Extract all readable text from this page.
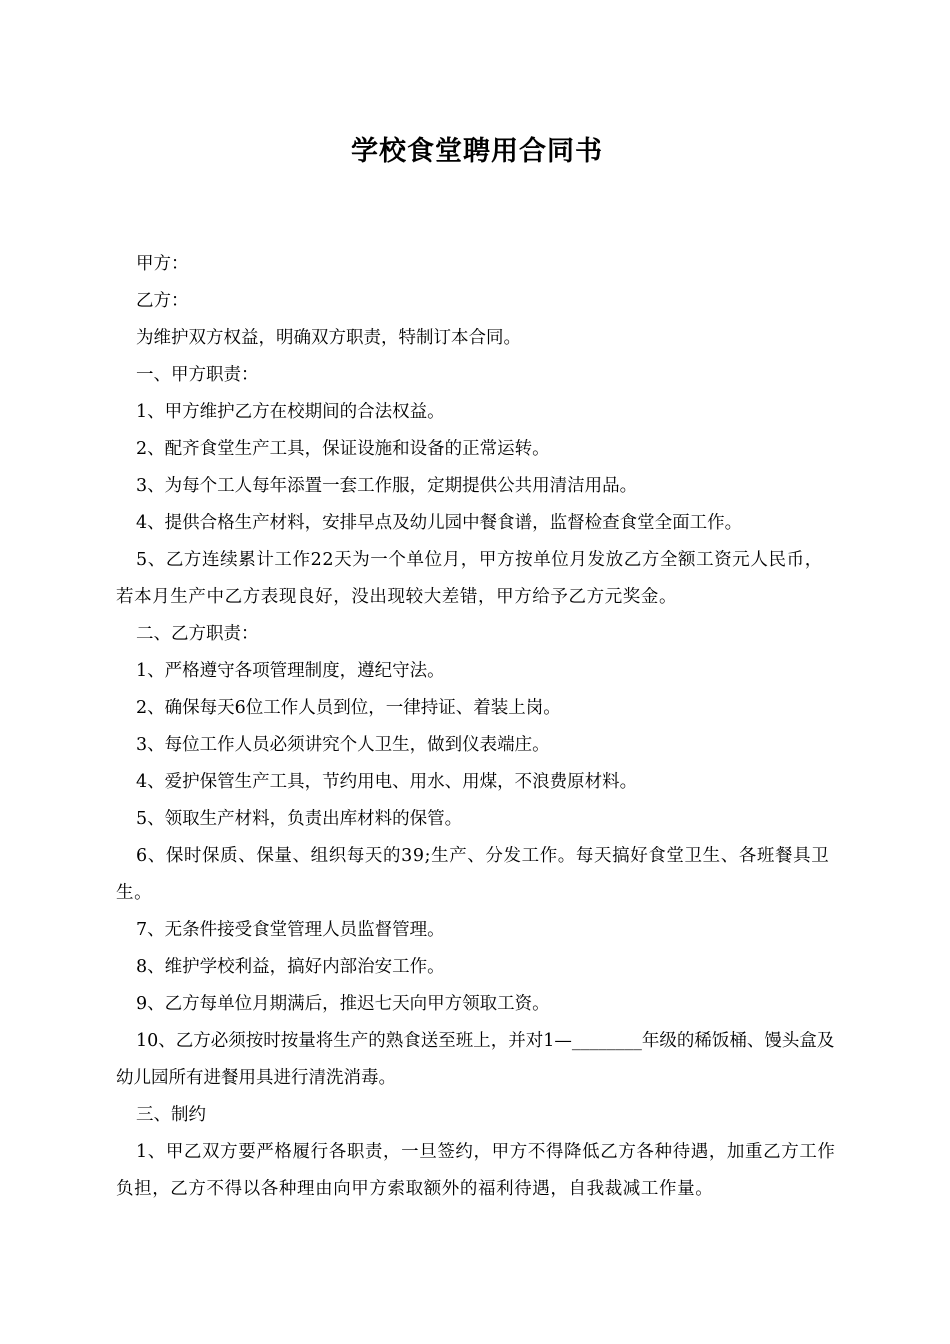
学校食堂聘用合同书

甲方：

乙方：

为维护双方权益，明确双方职责，特制订本合同。

一、甲方职责：

1、甲方维护乙方在校期间的合法权益。

2、配齐食堂生产工具，保证设施和设备的正常运转。

3、为每个工人每年添置一套工作服，定期提供公共用清洁用品。

4、提供合格生产材料，安排早点及幼儿园中餐食谱，监督检查食堂全面工作。

5、乙方连续累计工作22天为一个单位月，甲方按单位月发放乙方全额工资元人民币，若本月生产中乙方表现良好，没出现较大差错，甲方给予乙方元奖金。

二、乙方职责：

1、严格遵守各项管理制度，遵纪守法。

2、确保每天6位工作人员到位，一律持证、着装上岗。

3、每位工作人员必须讲究个人卫生，做到仪表端庄。

4、爱护保管生产工具，节约用电、用水、用煤，不浪费原材料。

5、领取生产材料，负责出库材料的保管。

6、保时保质、保量、组织每天的39;生产、分发工作。每天搞好食堂卫生、各班餐具卫生。

7、无条件接受食堂管理人员监督管理。

8、维护学校利益，搞好内部治安工作。

9、乙方每单位月期满后，推迟七天向甲方领取工资。

10、乙方必须按时按量将生产的熟食送至班上，并对1—________年级的稀饭桶、馒头盒及幼儿园所有进餐用具进行清洗消毒。

三、制约

1、甲乙双方要严格履行各职责，一旦签约，甲方不得降低乙方各种待遇，加重乙方工作负担，乙方不得以各种理由向甲方索取额外的福利待遇，自我裁减工作量。
